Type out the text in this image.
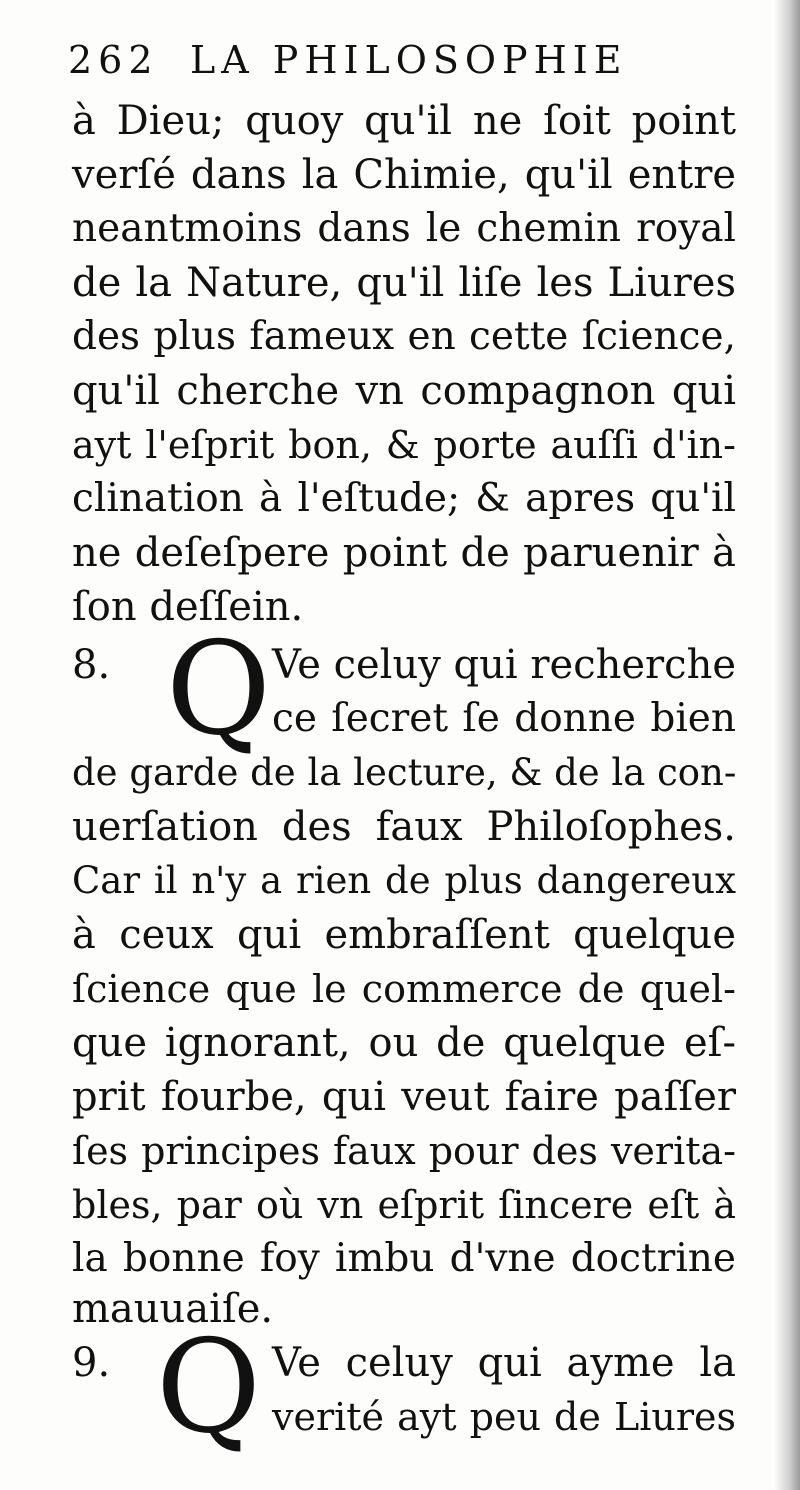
262 LA PHILOSOPHIE
à Dieu; quoy qu'il ne ſoit point
verſé dans la Chimie, qu'il entre
neantmoins dans le chemin royal
de la Nature, qu'il liſe les Liures
des plus fameux en cette ſcience,
qu'il cherche vn compagnon qui
ayt l'eſprit bon, & porte auſſi d'in-
clination à l'eſtude; & apres qu'il
ne deſeſpere point de paruenir à
ſon deſſein.
8. Q Ve celuy qui recherche
ce ſecret ſe donne bien
de garde de la lecture, & de la con-
uerſation des faux Philoſophes.
Car il n'y a rien de plus dangereux
à ceux qui embraſſent quelque
ſcience que le commerce de quel-
que ignorant, ou de quelque eſ-
prit fourbe, qui veut faire paſſer
ſes principes faux pour des verita-
bles, par où vn eſprit ſincere eſt à
la bonne foy imbu d'vne doctrine
mauuaiſe.
9. Q Ve celuy qui ayme la
verité ayt peu de Liures
